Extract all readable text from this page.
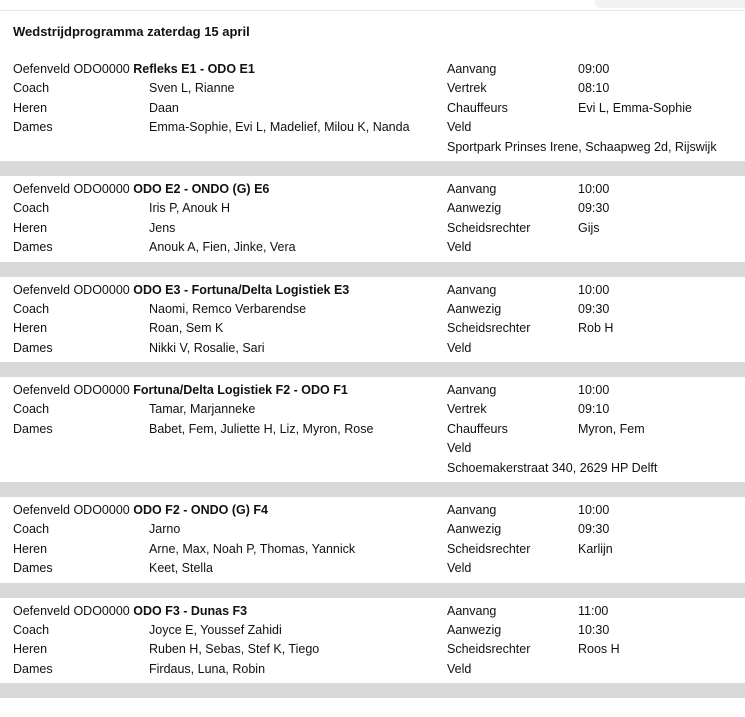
Wedstrijdprogramma zaterdag 15 april
Oefenveld ODO0000 Refleks E1 - ODO E1	Aanvang	09:00
Coach	Sven L, Rianne	Vertrek	08:10
Heren	Daan	Chauffeurs	Evi L, Emma-Sophie
Dames	Emma-Sophie, Evi L, Madelief, Milou K, Nanda	Veld
Sportpark Prinses Irene, Schaapweg 2d, Rijswijk
Oefenveld ODO0000 ODO E2 - ONDO (G) E6	Aanvang	10:00
Coach	Iris P, Anouk H	Aanwezig	09:30
Heren	Jens	Scheidsrechter	Gijs
Dames	Anouk A, Fien, Jinke, Vera	Veld
Oefenveld ODO0000 ODO E3 - Fortuna/Delta Logistiek E3	Aanvang	10:00
Coach	Naomi, Remco Verbarendse	Aanwezig	09:30
Heren	Roan, Sem K	Scheidsrechter	Rob H
Dames	Nikki V, Rosalie, Sari	Veld
Oefenveld ODO0000 Fortuna/Delta Logistiek F2 - ODO F1	Aanvang	10:00
Coach	Tamar, Marjanneke	Vertrek	09:10
Dames	Babet, Fem, Juliette H, Liz, Myron, Rose	Chauffeurs	Myron, Fem
Veld
Schoemakerstraat 340, 2629 HP Delft
Oefenveld ODO0000 ODO F2 - ONDO (G) F4	Aanvang	10:00
Coach	Jarno	Aanwezig	09:30
Heren	Arne, Max, Noah P, Thomas, Yannick	Scheidsrechter	Karlijn
Dames	Keet, Stella	Veld
Oefenveld ODO0000 ODO F3 - Dunas F3	Aanvang	11:00
Coach	Joyce E, Youssef Zahidi	Aanwezig	10:30
Heren	Ruben H, Sebas, Stef K, Tiego	Scheidsrechter	Roos H
Dames	Firdaus, Luna, Robin	Veld
